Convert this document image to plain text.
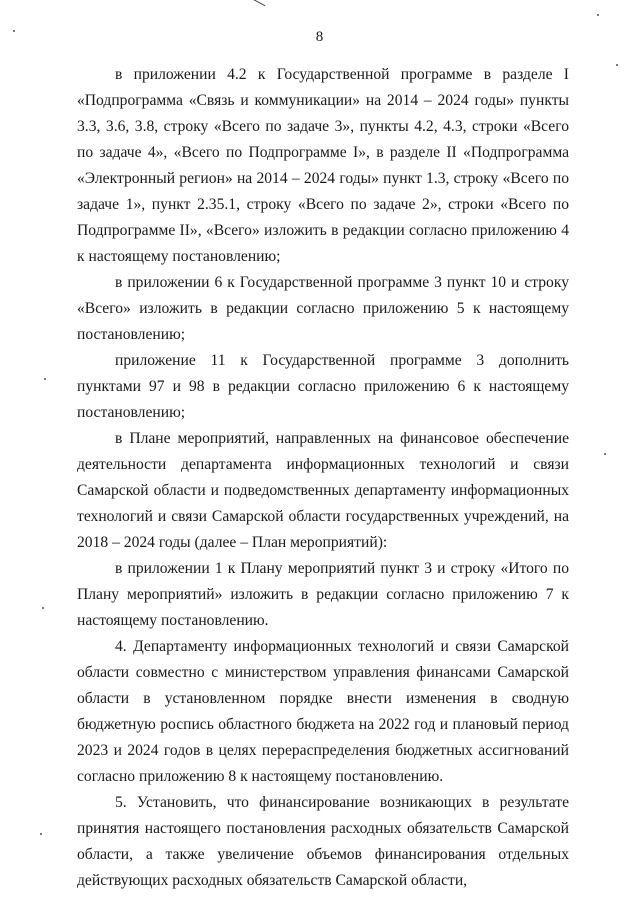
8

в приложении 4.2 к Государственной программе в разделе I «Подпрограмма «Связь и коммуникации» на 2014 – 2024 годы» пункты 3.3, 3.6, 3.8, строку «Всего по задаче 3», пункты 4.2, 4.3, строки «Всего по задаче 4», «Всего по Подпрограмме I», в разделе II «Подпрограмма «Электронный регион» на 2014 – 2024 годы» пункт 1.3, строку «Всего по задаче 1», пункт 2.35.1, строку «Всего по задаче 2», строки «Всего по Подпрограмме II», «Всего» изложить в редакции согласно приложению 4 к настоящему постановлению;

в приложении 6 к Государственной программе 3 пункт 10 и строку «Всего» изложить в редакции согласно приложению 5 к настоящему постановлению;

приложение 11 к Государственной программе 3 дополнить пунктами 97 и 98 в редакции согласно приложению 6 к настоящему постановлению;

в Плане мероприятий, направленных на финансовое обеспечение деятельности департамента информационных технологий и связи Самарской области и подведомственных департаменту информационных технологий и связи Самарской области государственных учреждений, на 2018 – 2024 годы (далее – План мероприятий):

в приложении 1 к Плану мероприятий пункт 3 и строку «Итого по Плану мероприятий» изложить в редакции согласно приложению 7 к настоящему постановлению.

4. Департаменту информационных технологий и связи Самарской области совместно с министерством управления финансами Самарской области в установленном порядке внести изменения в сводную бюджетную роспись областного бюджета на 2022 год и плановый период 2023 и 2024 годов в целях перераспределения бюджетных ассигнований согласно приложению 8 к настоящему постановлению.

5. Установить, что финансирование возникающих в результате принятия настоящего постановления расходных обязательств Самарской области, а также увеличение объемов финансирования отдельных действующих расходных обязательств Самарской области,
